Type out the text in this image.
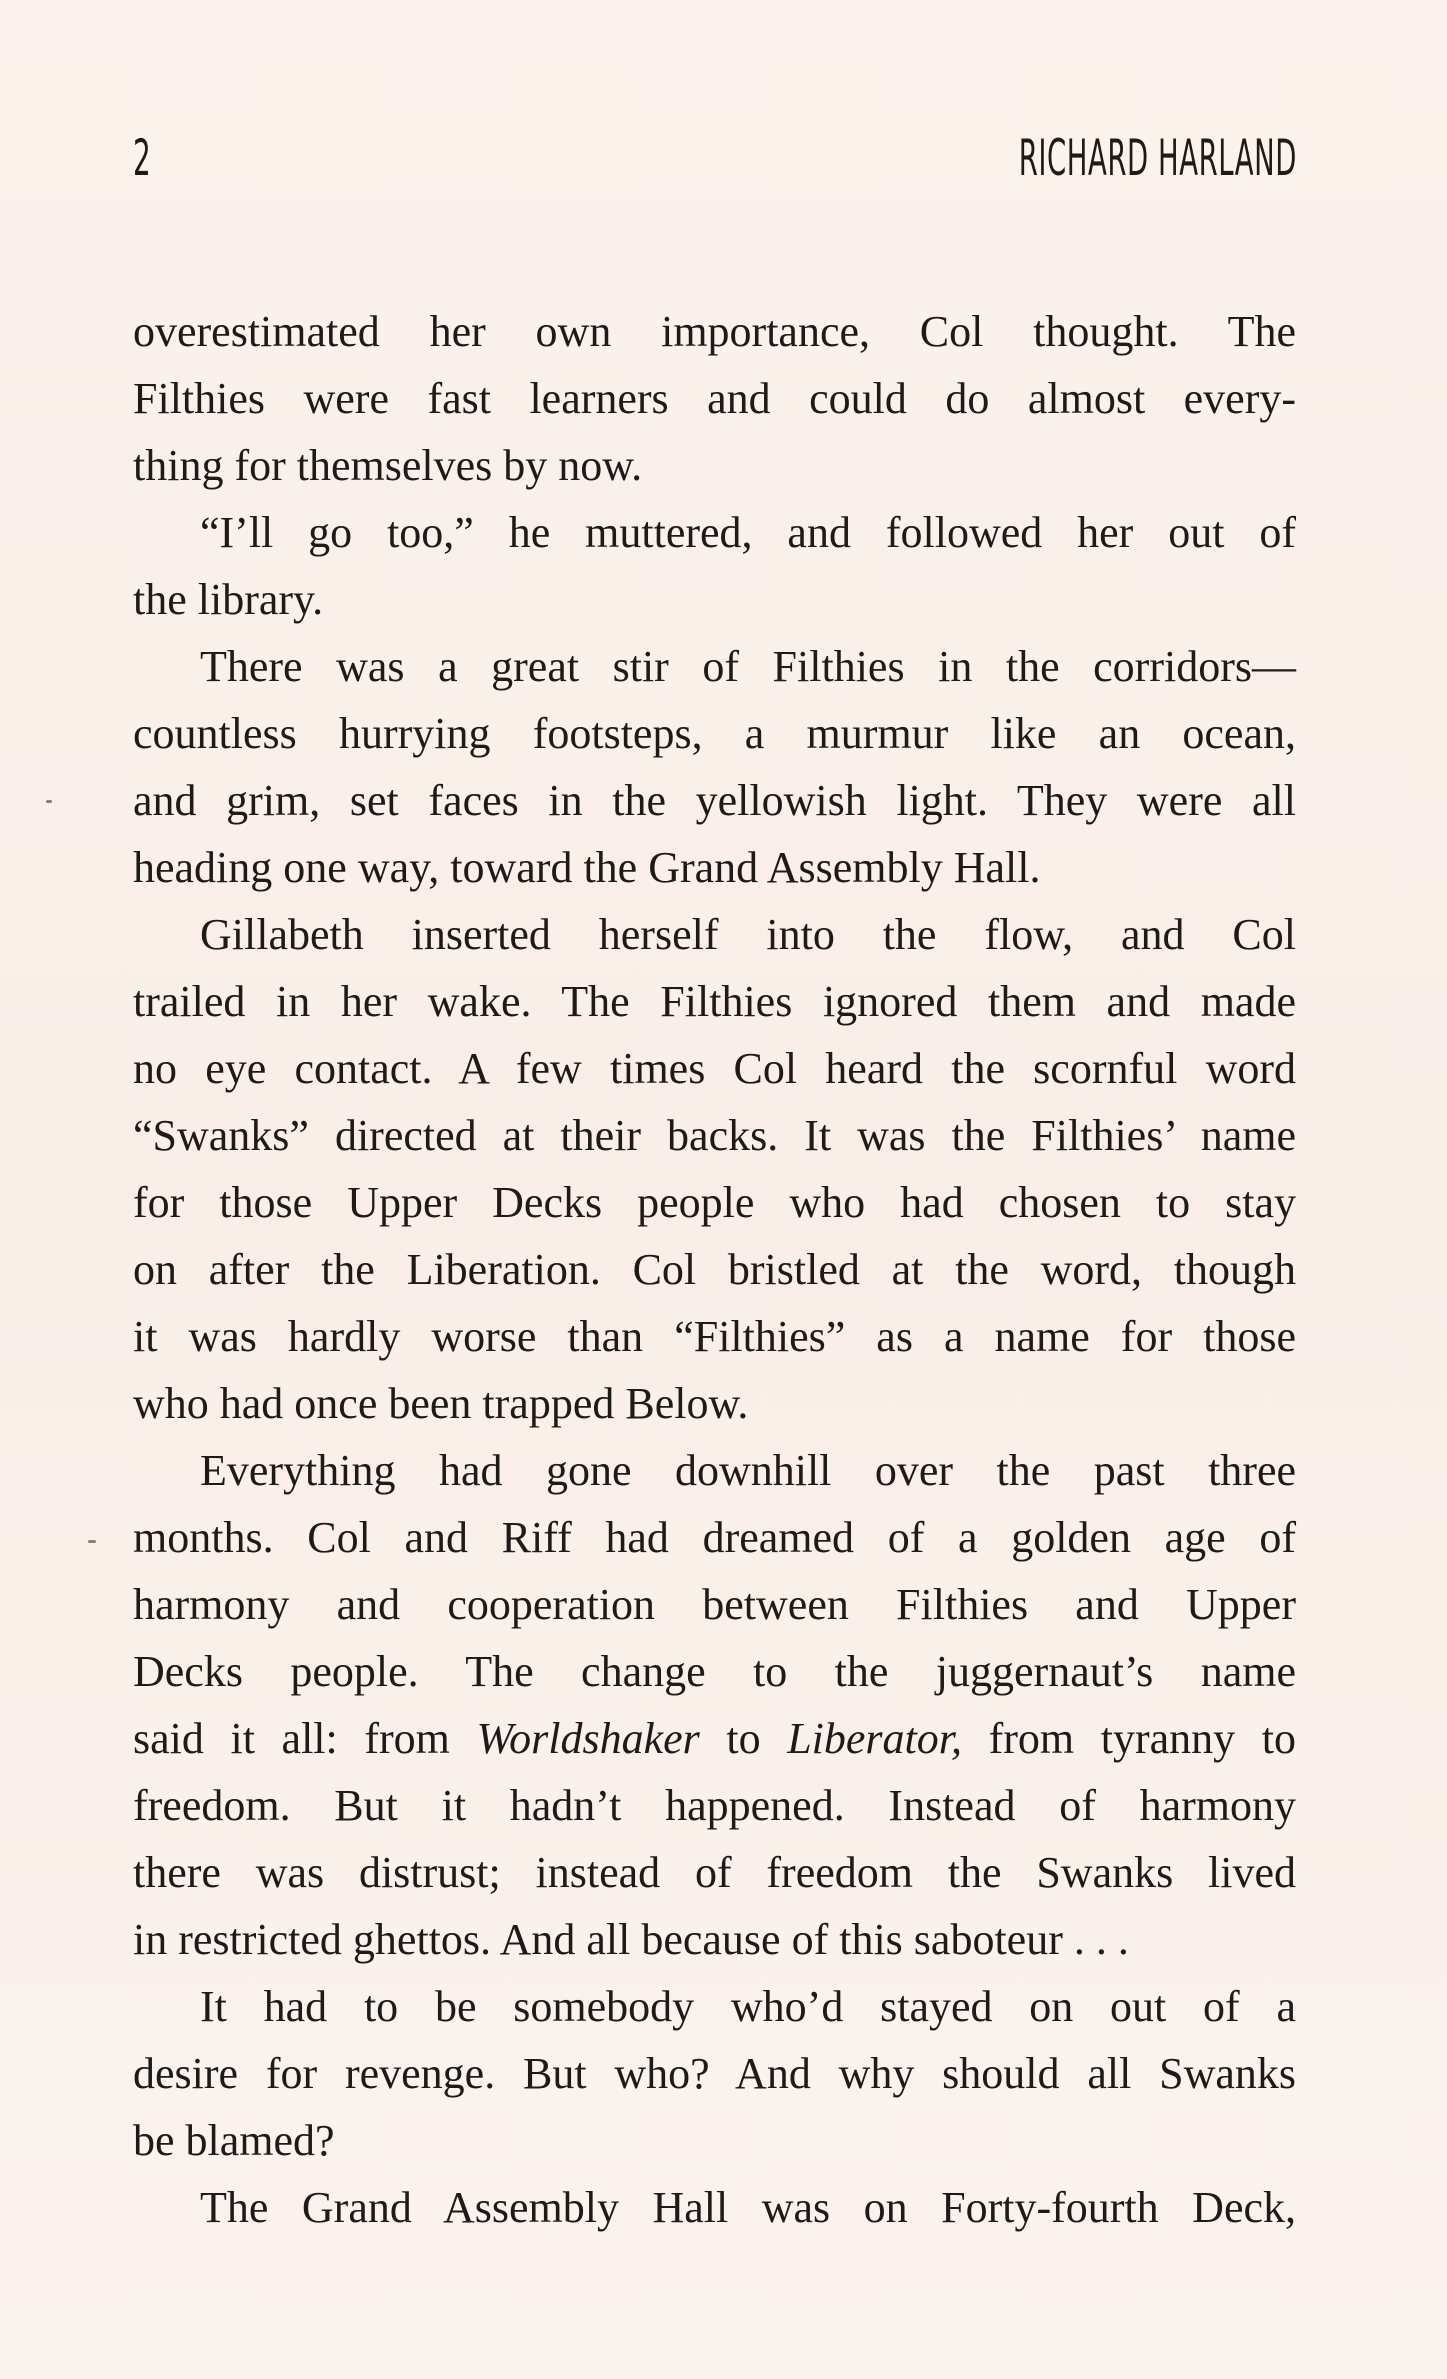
2	RICHARD HARLAND
overestimated her own importance, Col thought. The
Filthies were fast learners and could do almost every-
thing for themselves by now.
“I’ll go too,” he muttered, and followed her out of
the library.
There was a great stir of Filthies in the corridors—
countless hurrying footsteps, a murmur like an ocean,
and grim, set faces in the yellowish light. They were all
heading one way, toward the Grand Assembly Hall.
Gillabeth inserted herself into the flow, and Col
trailed in her wake. The Filthies ignored them and made
no eye contact. A few times Col heard the scornful word
“Swanks” directed at their backs. It was the Filthies’ name
for those Upper Decks people who had chosen to stay
on after the Liberation. Col bristled at the word, though
it was hardly worse than “Filthies” as a name for those
who had once been trapped Below.
Everything had gone downhill over the past three
months. Col and Riff had dreamed of a golden age of
harmony and cooperation between Filthies and Upper
Decks people. The change to the juggernaut’s name
said it all: from Worldshaker to Liberator, from tyranny to
freedom. But it hadn’t happened. Instead of harmony
there was distrust; instead of freedom the Swanks lived
in restricted ghettos. And all because of this saboteur . . .
It had to be somebody who’d stayed on out of a
desire for revenge. But who? And why should all Swanks
be blamed?
The Grand Assembly Hall was on Forty-fourth Deck,
